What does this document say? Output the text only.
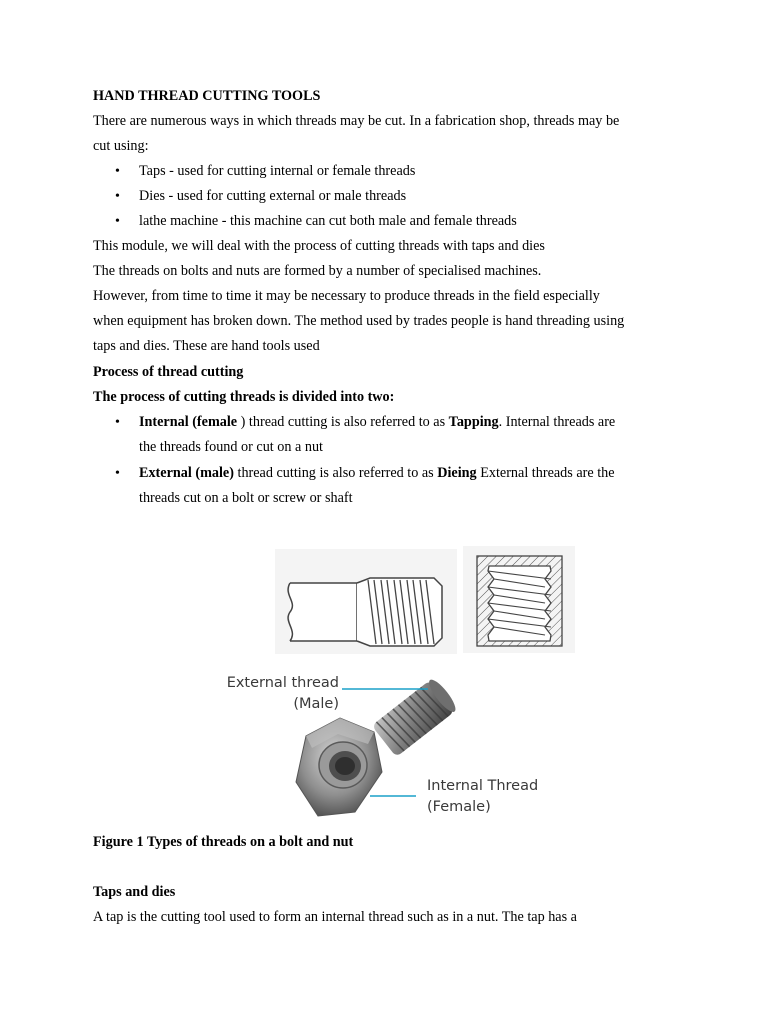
HAND THREAD CUTTING TOOLS
There are numerous ways in which threads may be cut. In a fabrication shop, threads may be
cut using:
• Taps - used for cutting internal or female threads
• Dies - used for cutting external or male threads
• lathe machine - this machine can cut both male and female threads
This module, we will deal with the process of cutting threads with taps and dies
The threads on bolts and nuts are formed by a number of specialised machines.
However, from time to time it may be necessary to produce threads in the field especially
when equipment has broken down. The method used by trades people is hand threading using
taps and dies. These are hand tools used
Process of thread cutting
The process of cutting threads is divided into two:
• Internal (female ) thread cutting is also referred to as Tapping. Internal threads are
the threads found or cut on a nut
• External (male) thread cutting is also referred to as Dieing External threads are the
threads cut on a bolt or screw or shaft
External thread
(Male)
Internal Thread
(Female)
Figure 1 Types of threads on a bolt and nut
Taps and dies
A tap is the cutting tool used to form an internal thread such as in a nut. The tap has a
